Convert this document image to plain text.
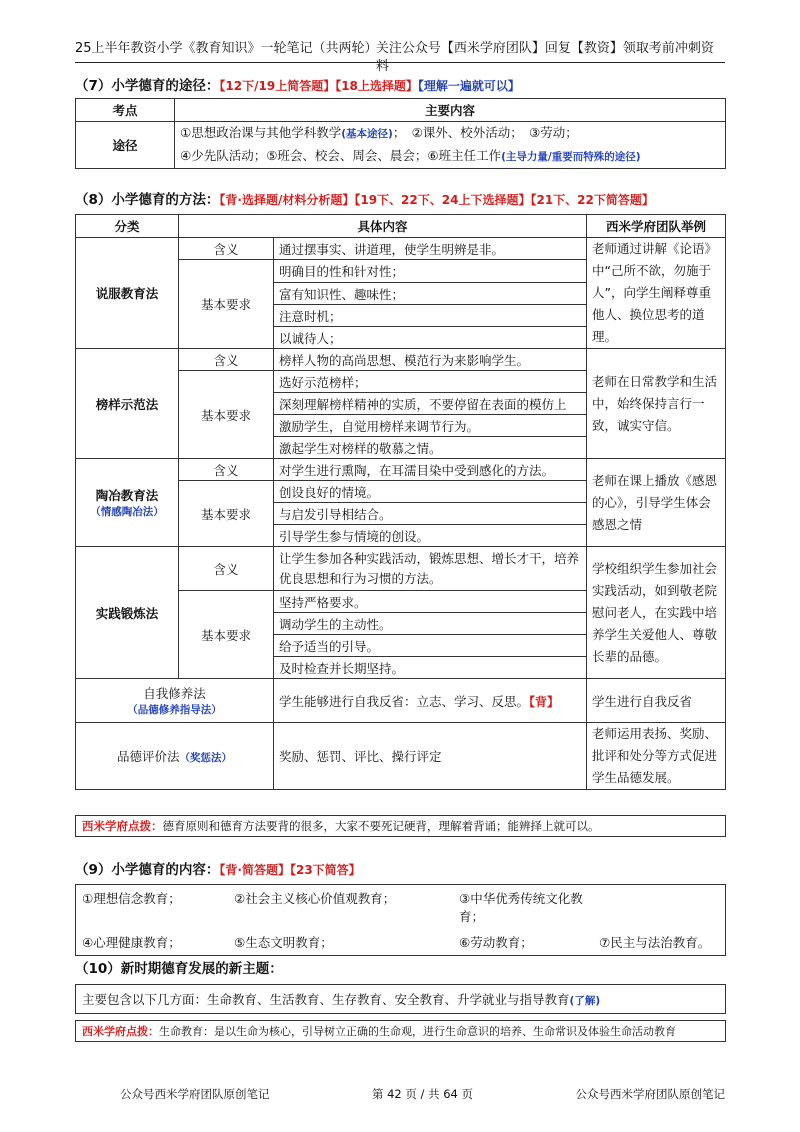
25上半年教资小学《教育知识》一轮笔记（共两轮）
关注公众号【西米学府团队】回复【教资】领取考前冲刺资料
（7）小学德育的途径：【12下/19上简答题】【18上选择题】【理解一遍就可以】
考点	主要内容
途径	①思想政治课与其他学科教学(基本途径)；　②课外、校外活动；　③劳动；
④少先队活动；⑤班会、校会、周会、晨会；⑥班主任工作(主导力量/重要而特殊的途径)
（8）小学德育的方法：【背·选择题/材料分析题】【19下、22下、24上下选择题】【21下、22下简答题】
分类	具体内容		西米学府团队举例
说服教育法	含义	通过摆事实、讲道理，使学生明辨是非。	老师通过讲解《论语》中“己所不欲，勿施于人”，向学生阐释尊重他人、换位思考的道理。
	基本要求	明确目的性和针对性；	
		富有知识性、趣味性；	
		注意时机；	
		以诚待人；	
榜样示范法	含义	榜样人物的高尚思想、模范行为来影响学生。	老师在日常教学和生活中，始终保持言行一致，诚实守信。
	基本要求	选好示范榜样；	
		深刻理解榜样精神的实质，不要停留在表面的模仿上	
		激励学生，自觉用榜样来调节行为。	
		激起学生对榜样的敬慕之情。	

陶冶教育法
（情感陶冶法）	含义	对学生进行熏陶，在耳濡目染中受到感化的方法。	老师在课上播放《感恩的心》，引导学生体会感恩之情
	基本要求	创设良好的情境。	
		与启发引导相结合。	
		引导学生参与情境的创设。	
实践锻炼法	含义	让学生参加各种实践活动，锻炼思想、增长才干，培养优良思想和行为习惯的方法。	学校组织学生参加社会实践活动，如到敬老院慰问老人，在实践中培养学生关爱他人、尊敬长辈的品德。
	基本要求	坚持严格要求。	
		调动学生的主动性。	
		给予适当的引导。	
		及时检查并长期坚持。	

自我修养法
（品德修养指导法）		学生能够进行自我反省：立志、学习、反思。【背】	学生进行自我反省
品德评价法（奖惩法）		奖励、惩罚、评比、操行评定	老师运用表扬、奖励、批评和处分等方式促进学生品德发展。
西米学府点拨：德育原则和德育方法要背的很多，大家不要死记硬背，理解着背诵；能辨择上就可以。
（9）小学德育的内容：【背·简答题】【23下简答】
①理想信念教育；	②社会主义核心价值观教育；	③中华优秀传统文化教育；
④心理健康教育；	⑤生态文明教育；	⑥劳动教育；	⑦民主与法治教育。
（10）新时期德育发展的新主题：
主要包含以下几方面：生命教育、生活教育、生存教育、安全教育、升学就业与指导教育(了解)
西米学府点拨：生命教育：是以生命为核心，引导树立正确的生命观，进行生命意识的培养、生命常识及体验生命活动教育
公众号西米学府团队原创笔记	第 42 页 / 共 64 页	公众号西米学府团队原创笔记
